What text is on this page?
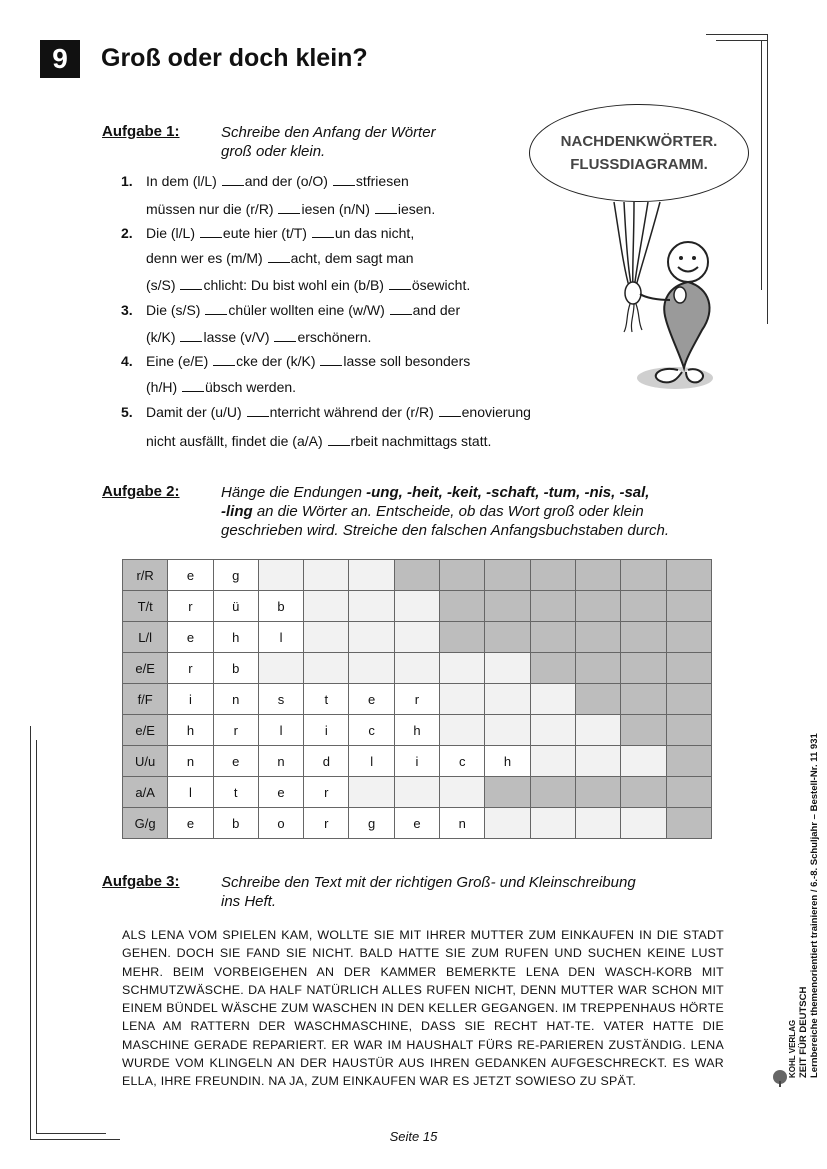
9	Groß oder doch klein?
Aufgabe 1:	Schreibe den Anfang der Wörter
groß oder klein.
1. In dem (l/L) and der (o/O) stfriesen
müssen nur die (r/R) iesen (n/N) iesen.
2. Die (l/L) eute hier (t/T) un das nicht,
denn wer es (m/M) acht, dem sagt man
(s/S) chlicht: Du bist wohl ein (b/B) ösewicht.
3. Die (s/S) chüler wollten eine (w/W) and der
(k/K) lasse (v/V) erschönern.
4. Eine (e/E) cke der (k/K) lasse soll besonders
(h/H) übsch werden.
5. Damit der (u/U) nterricht während der (r/R) enovierung
nicht ausfällt, findet die (a/A) rbeit nachmittags statt.
NACHDENKWÖRTER.
FLUSSDIAGRAMM.
Aufgabe 2:	Hänge die Endungen -ung, -heit, -keit, -schaft, -tum, -nis, -sal,
-ling an die Wörter an. Entscheide, ob das Wort groß oder klein
geschrieben wird. Streiche den falschen Anfangsbuchstaben durch.
r/R	e	g										
T/t	r	ü	b									
L/l	e	h	l									
e/E	r	b										
f/F	i	n	s	t	e	r						
e/E	h	r	l	i	c	h						
U/u	n	e	n	d	l	i	c	h				
a/A	l	t	e	r								
G/g	e	b	o	r	g	e	n					
Aufgabe 3:	Schreibe den Text mit der richtigen Groß- und Kleinschreibung
ins Heft.
ALS LENA VOM SPIELEN KAM, WOLLTE SIE MIT IHRER MUTTER ZUM EINKAUFEN IN DIE STADT GEHEN. DOCH SIE FAND SIE NICHT. BALD HATTE SIE ZUM RUFEN UND SUCHEN KEINE LUST MEHR. BEIM VORBEIGEHEN AN DER KAMMER BEMERKTE LENA DEN WASCH-KORB MIT SCHMUTZWÄSCHE. DA HALF NATÜRLICH ALLES RUFEN NICHT, DENN MUTTER WAR SCHON MIT EINEM BÜNDEL WÄSCHE ZUM WASCHEN IN DEN KELLER GEGANGEN. IM TREPPENHAUS HÖRTE LENA AM RATTERN DER WASCHMASCHINE, DASS SIE RECHT HAT-TE. VATER HATTE DIE MASCHINE GERADE REPARIERT. ER WAR IM HAUSHALT FÜRS RE-PARIEREN ZUSTÄNDIG. LENA WURDE VOM KLINGELN AN DER HAUSTÜR AUS IHREN GEDANKEN AUFGESCHRECKT. ES WAR ELLA, IHRE FREUNDIN. NA JA, ZUM EINKAUFEN WAR ES JETZT SOWIESO ZU SPÄT.
Seite 15
KOHL VERLAG ZEIT FÜR DEUTSCH Lernbereiche themenorientiert trainieren / 6.-8. Schuljahr – Bestell-Nr. 11 931
